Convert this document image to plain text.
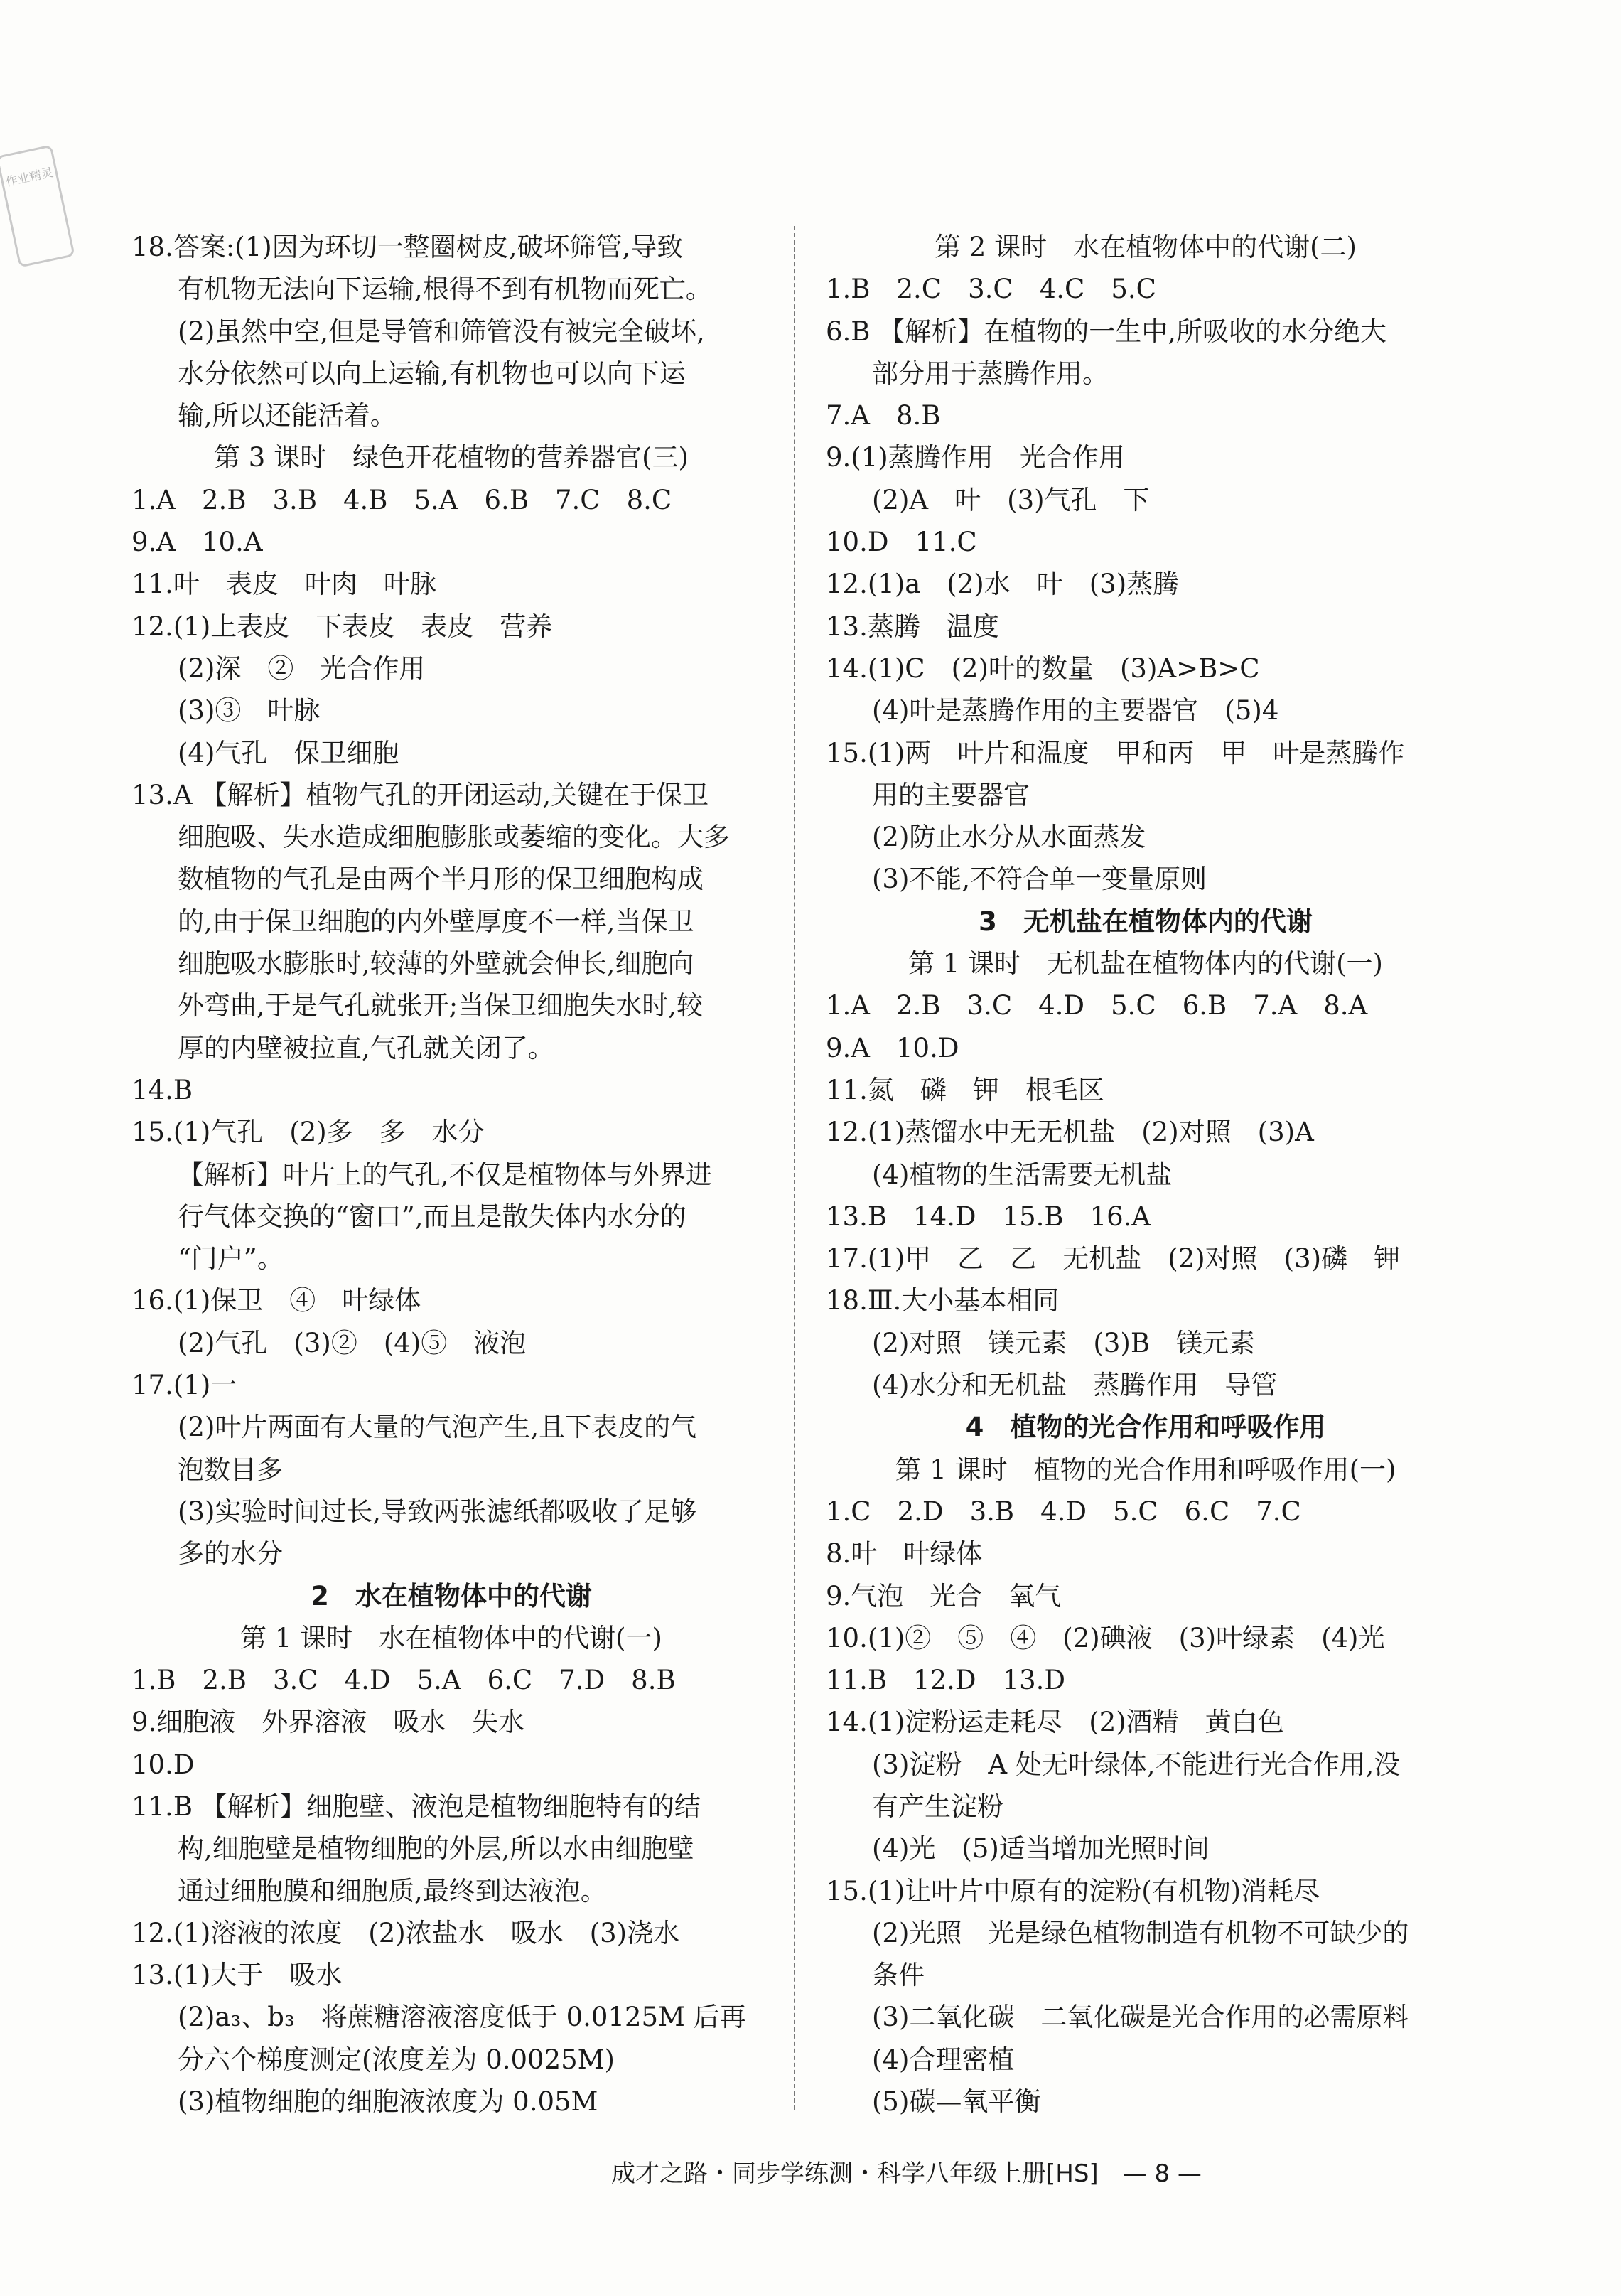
作业精灵
18.答案:(1)因为环切一整圈树皮,破坏筛管,导致
有机物无法向下运输,根得不到有机物而死亡。
(2)虽然中空,但是导管和筛管没有被完全破坏,
水分依然可以向上运输,有机物也可以向下运
输,所以还能活着。
第 3 课时　绿色开花植物的营养器官(三)
1.A　2.B　3.B　4.B　5.A　6.B　7.C　8.C
9.A　10.A
11.叶　表皮　叶肉　叶脉
12.(1)上表皮　下表皮　表皮　营养
(2)深　②　光合作用
(3)③　叶脉
(4)气孔　保卫细胞
13.A 【解析】植物气孔的开闭运动,关键在于保卫
细胞吸、失水造成细胞膨胀或萎缩的变化。大多
数植物的气孔是由两个半月形的保卫细胞构成
的,由于保卫细胞的内外壁厚度不一样,当保卫
细胞吸水膨胀时,较薄的外壁就会伸长,细胞向
外弯曲,于是气孔就张开;当保卫细胞失水时,较
厚的内壁被拉直,气孔就关闭了。
14.B
15.(1)气孔　(2)多　多　水分
【解析】叶片上的气孔,不仅是植物体与外界进
行气体交换的“窗口”,而且是散失体内水分的
“门户”。
16.(1)保卫　④　叶绿体
(2)气孔　(3)②　(4)⑤　液泡
17.(1)一
(2)叶片两面有大量的气泡产生,且下表皮的气
泡数目多
(3)实验时间过长,导致两张滤纸都吸收了足够
多的水分
2　水在植物体中的代谢
第 1 课时　水在植物体中的代谢(一)
1.B　2.B　3.C　4.D　5.A　6.C　7.D　8.B
9.细胞液　外界溶液　吸水　失水
10.D
11.B 【解析】细胞壁、液泡是植物细胞特有的结
构,细胞壁是植物细胞的外层,所以水由细胞壁
通过细胞膜和细胞质,最终到达液泡。
12.(1)溶液的浓度　(2)浓盐水　吸水　(3)浇水
13.(1)大于　吸水
(2)a₃、b₃　将蔗糖溶液溶度低于 0.0125M 后再
分六个梯度测定(浓度差为 0.0025M)
(3)植物细胞的细胞液浓度为 0.05M
第 2 课时　水在植物体中的代谢(二)
1.B　2.C　3.C　4.C　5.C
6.B 【解析】在植物的一生中,所吸收的水分绝大
部分用于蒸腾作用。
7.A　8.B
9.(1)蒸腾作用　光合作用
(2)A　叶　(3)气孔　下
10.D　11.C
12.(1)a　(2)水　叶　(3)蒸腾
13.蒸腾　温度
14.(1)C　(2)叶的数量　(3)A>B>C
(4)叶是蒸腾作用的主要器官　(5)4
15.(1)两　叶片和温度　甲和丙　甲　叶是蒸腾作
用的主要器官
(2)防止水分从水面蒸发
(3)不能,不符合单一变量原则
3　无机盐在植物体内的代谢
第 1 课时　无机盐在植物体内的代谢(一)
1.A　2.B　3.C　4.D　5.C　6.B　7.A　8.A
9.A　10.D
11.氮　磷　钾　根毛区
12.(1)蒸馏水中无无机盐　(2)对照　(3)A
(4)植物的生活需要无机盐
13.B　14.D　15.B　16.A
17.(1)甲　乙　乙　无机盐　(2)对照　(3)磷　钾
18.Ⅲ.大小基本相同
(2)对照　镁元素　(3)B　镁元素
(4)水分和无机盐　蒸腾作用　导管
4　植物的光合作用和呼吸作用
第 1 课时　植物的光合作用和呼吸作用(一)
1.C　2.D　3.B　4.D　5.C　6.C　7.C
8.叶　叶绿体
9.气泡　光合　氧气
10.(1)②　⑤　④　(2)碘液　(3)叶绿素　(4)光
11.B　12.D　13.D
14.(1)淀粉运走耗尽　(2)酒精　黄白色
(3)淀粉　A 处无叶绿体,不能进行光合作用,没
有产生淀粉
(4)光　(5)适当增加光照时间
15.(1)让叶片中原有的淀粉(有机物)消耗尽
(2)光照　光是绿色植物制造有机物不可缺少的
条件
(3)二氧化碳　二氧化碳是光合作用的必需原料
(4)合理密植
(5)碳—氧平衡
成才之路・同步学练测・科学八年级上册[HS]　— 8 —
